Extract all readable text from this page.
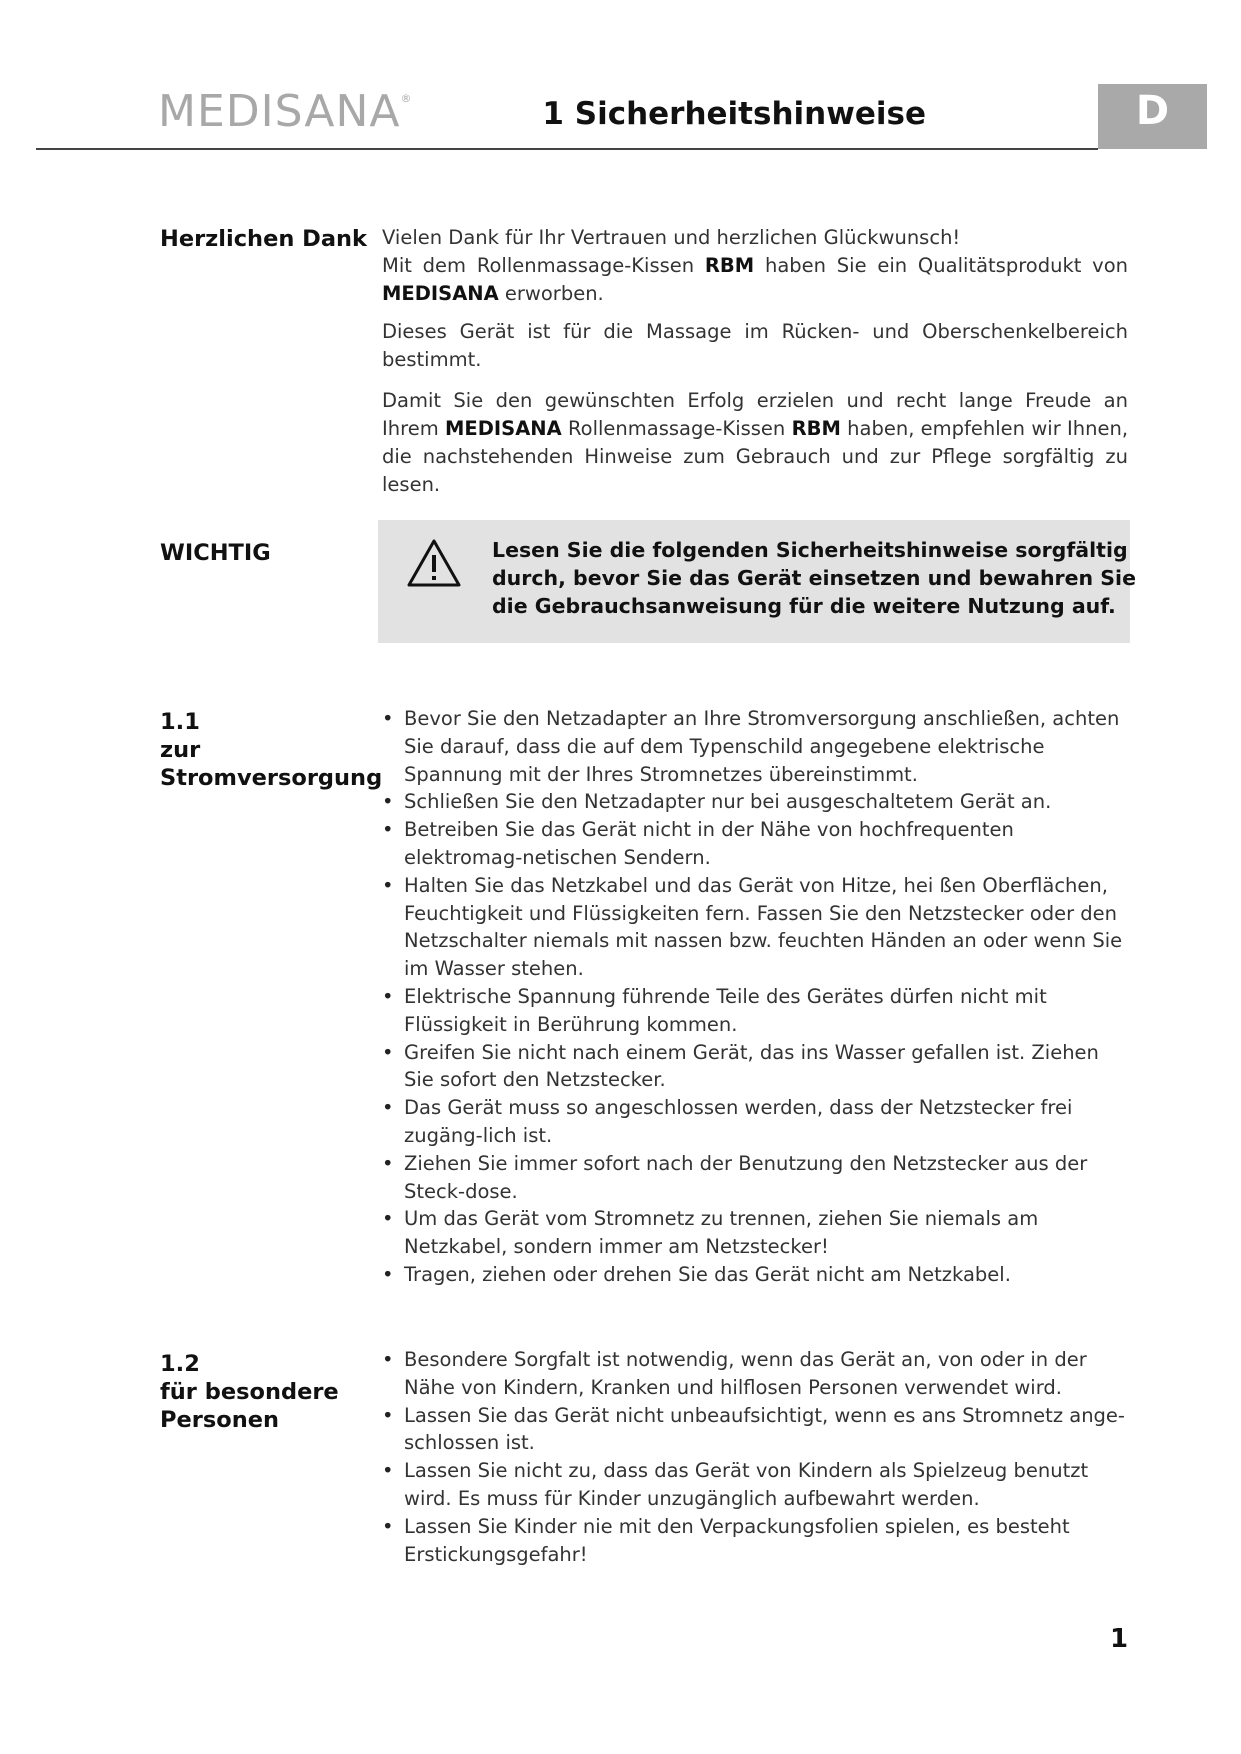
MEDISANA®	1 Sicherheitshinweise	D
Herzlichen Dank Vielen Dank für Ihr Vertrauen und herzlichen Glückwunsch!
Mit dem Rollenmassage-Kissen RBM haben Sie ein Qualitätsprodukt von MEDISANA erworben.

Dieses Gerät ist für die Massage im Rücken- und Oberschenkelbereich bestimmt.

Damit Sie den gewünschten Erfolg erzielen und recht lange Freude an Ihrem MEDISANA Rollenmassage-Kissen RBM haben, empfehlen wir Ihnen, die nachstehenden Hinweise zum Gebrauch und zur Pflege sorgfältig zu lesen.

WICHTIG	Lesen Sie die folgenden Sicherheitshinweise sorgfältig
durch, bevor Sie das Gerät einsetzen und bewahren Sie
die Gebrauchsanweisung für die weitere Nutzung auf.
1.1
zur
Stromversorgung
• Bevor Sie den Netzadapter an Ihre Stromversorgung anschließen, achten Sie darauf, dass die auf dem Typenschild angegebene elektrische Spannung mit der Ihres Stromnetzes übereinstimmt.
• Schließen Sie den Netzadapter nur bei ausgeschaltetem Gerät an.
• Betreiben Sie das Gerät nicht in der Nähe von hochfrequenten elektromag-netischen Sendern.
• Halten Sie das Netzkabel und das Gerät von Hitze, hei ßen Oberflächen, Feuchtigkeit und Flüssigkeiten fern. Fassen Sie den Netzstecker oder den Netzschalter niemals mit nassen bzw. feuchten Händen an oder wenn Sie im Wasser stehen.
• Elektrische Spannung führende Teile des Gerätes dürfen nicht mit Flüssigkeit in Berührung kommen.
• Greifen Sie nicht nach einem Gerät, das ins Wasser gefallen ist. Ziehen Sie sofort den Netzstecker.
• Das Gerät muss so angeschlossen werden, dass der Netzstecker frei zugäng-lich ist.
• Ziehen Sie immer sofort nach der Benutzung den Netzstecker aus der Steck-dose.
• Um das Gerät vom Stromnetz zu trennen, ziehen Sie niemals am Netzkabel, sondern immer am Netzstecker!
• Tragen, ziehen oder drehen Sie das Gerät nicht am Netzkabel.
1.2
für besondere
Personen
• Besondere Sorgfalt ist notwendig, wenn das Gerät an, von oder in der Nähe von Kindern, Kranken und hilflosen Personen verwendet wird.
• Lassen Sie das Gerät nicht unbeaufsichtigt, wenn es ans Stromnetz ange-schlossen ist.
• Lassen Sie nicht zu, dass das Gerät von Kindern als Spielzeug benutzt wird. Es muss für Kinder unzugänglich aufbewahrt werden.
• Lassen Sie Kinder nie mit den Verpackungsfolien spielen, es besteht Erstickungsgefahr!
1
